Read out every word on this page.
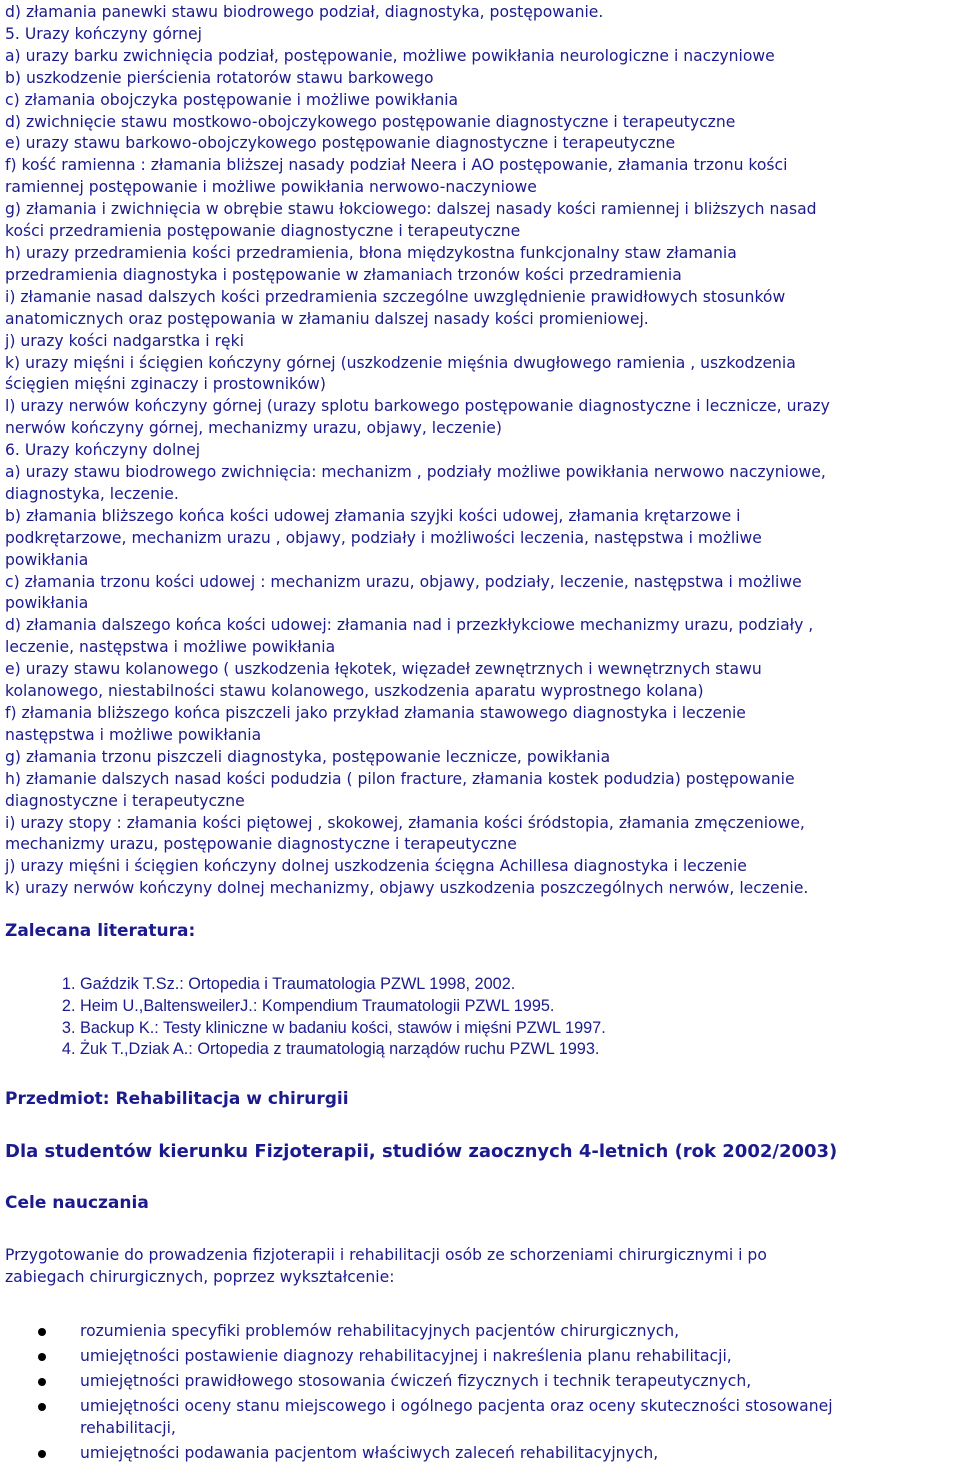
d) złamania panewki stawu biodrowego podział, diagnostyka, postępowanie.
5. Urazy kończyny górnej
a) urazy barku zwichnięcia podział, postępowanie, możliwe powikłania neurologiczne i naczyniowe
b) uszkodzenie pierścienia rotatorów stawu barkowego
c) złamania obojczyka postępowanie i możliwe powikłania
d) zwichnięcie stawu mostkowo-obojczykowego postępowanie diagnostyczne i terapeutyczne
e) urazy stawu barkowo-obojczykowego postępowanie diagnostyczne i terapeutyczne
f) kość ramienna : złamania bliższej nasady podział Neera i AO postępowanie, złamania trzonu kości
ramiennej postępowanie i możliwe powikłania nerwowo-naczyniowe
g) złamania i zwichnięcia w obrębie stawu łokciowego: dalszej nasady kości ramiennej i bliższych nasad
kości przedramienia postępowanie diagnostyczne i terapeutyczne
h) urazy przedramienia kości przedramienia, błona międzykostna funkcjonalny staw złamania
przedramienia diagnostyka i postępowanie w złamaniach trzonów kości przedramienia
i) złamanie nasad dalszych kości przedramienia szczególne uwzględnienie prawidłowych stosunków
anatomicznych oraz postępowania w złamaniu dalszej nasady kości promieniowej.
j) urazy kości nadgarstka i ręki
k) urazy mięśni i ścięgien kończyny górnej (uszkodzenie mięśnia dwugłowego ramienia , uszkodzenia
ścięgien mięśni zginaczy i prostowników)
l) urazy nerwów kończyny górnej (urazy splotu barkowego postępowanie diagnostyczne i lecznicze, urazy
nerwów kończyny górnej, mechanizmy urazu, objawy, leczenie)
6. Urazy kończyny dolnej
a) urazy stawu biodrowego zwichnięcia: mechanizm , podziały możliwe powikłania nerwowo naczyniowe,
diagnostyka, leczenie.
b) złamania bliższego końca kości udowej złamania szyjki kości udowej, złamania krętarzowe i
podkrętarzowe, mechanizm urazu , objawy, podziały i możliwości leczenia, następstwa i możliwe
powikłania
c) złamania trzonu kości udowej : mechanizm urazu, objawy, podziały, leczenie, następstwa i możliwe
powikłania
d) złamania dalszego końca kości udowej: złamania nad i przezkłykciowe mechanizmy urazu, podziały ,
leczenie, następstwa i możliwe powikłania
e) urazy stawu kolanowego ( uszkodzenia łękotek, więzadeł zewnętrznych i wewnętrznych stawu
kolanowego, niestabilności stawu kolanowego, uszkodzenia aparatu wyprostnego kolana)
f) złamania bliższego końca piszczeli jako przykład złamania stawowego diagnostyka i leczenie
następstwa i możliwe powikłania
g) złamania trzonu piszczeli diagnostyka, postępowanie lecznicze, powikłania
h) złamanie dalszych nasad kości podudzia ( pilon fracture, złamania kostek podudzia) postępowanie
diagnostyczne i terapeutyczne
i) urazy stopy : złamania kości piętowej , skokowej, złamania kości śródstopia, złamania zmęczeniowe,
mechanizmy urazu, postępowanie diagnostyczne i terapeutyczne
j) urazy mięśni i ścięgien kończyny dolnej uszkodzenia ścięgna Achillesa diagnostyka i leczenie
k) urazy nerwów kończyny dolnej mechanizmy, objawy uszkodzenia poszczególnych nerwów, leczenie.
Zalecana literatura:
1. Gaździk T.Sz.: Ortopedia i Traumatologia PZWL 1998, 2002.
2. Heim U.,BaltensweilerJ.: Kompendium Traumatologii PZWL 1995.
3. Backup K.: Testy kliniczne w badaniu kości, stawów i mięśni PZWL 1997.
4. Żuk T.,Dziak A.: Ortopedia z traumatologią narządów ruchu PZWL 1993.
Przedmiot: Rehabilitacja w chirurgii
Dla studentów kierunku Fizjoterapii, studiów zaocznych 4-letnich (rok 2002/2003)
Cele nauczania
Przygotowanie do prowadzenia fizjoterapii i rehabilitacji osób ze schorzeniami chirurgicznymi i po
zabiegach chirurgicznych, poprzez wykształcenie:
rozumienia specyfiki problemów rehabilitacyjnych pacjentów chirurgicznych,
umiejętności postawienie diagnozy rehabilitacyjnej i nakreślenia planu rehabilitacji,
umiejętności prawidłowego stosowania ćwiczeń fizycznych i technik terapeutycznych,
umiejętności oceny stanu miejscowego i ogólnego pacjenta oraz oceny skuteczności stosowanej
rehabilitacji,
umiejętności podawania pacjentom właściwych zaleceń rehabilitacyjnych,
